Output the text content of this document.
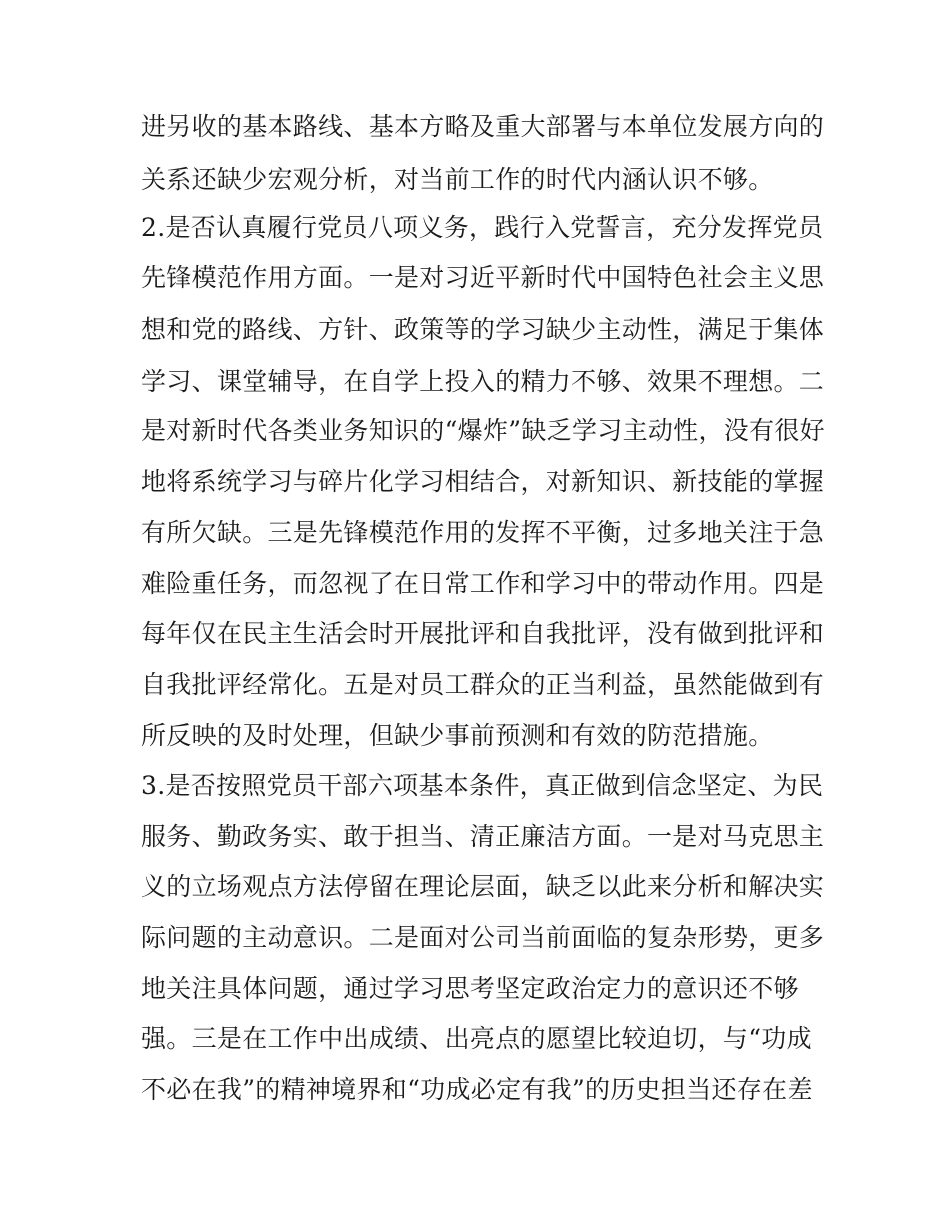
进另收的基本路线、基本方略及重大部署与本单位发展方向的
关系还缺少宏观分析，对当前工作的时代内涵认识不够。
2.是否认真履行党员八项义务，践行入党誓言，充分发挥党员
先锋模范作用方面。一是对习近平新时代中国特色社会主义思
想和党的路线、方针、政策等的学习缺少主动性，满足于集体
学习、课堂辅导，在自学上投入的精力不够、效果不理想。二
是对新时代各类业务知识的“爆炸”缺乏学习主动性，没有很好
地将系统学习与碎片化学习相结合，对新知识、新技能的掌握
有所欠缺。三是先锋模范作用的发挥不平衡，过多地关注于急
难险重任务，而忽视了在日常工作和学习中的带动作用。四是
每年仅在民主生活会时开展批评和自我批评，没有做到批评和
自我批评经常化。五是对员工群众的正当利益，虽然能做到有
所反映的及时处理，但缺少事前预测和有效的防范措施。
3.是否按照党员干部六项基本条件，真正做到信念坚定、为民
服务、勤政务实、敢于担当、清正廉洁方面。一是对马克思主
义的立场观点方法停留在理论层面，缺乏以此来分析和解决实
际问题的主动意识。二是面对公司当前面临的复杂形势，更多
地关注具体问题，通过学习思考坚定政治定力的意识还不够
强。三是在工作中出成绩、出亮点的愿望比较迫切，与“功成
不必在我”的精神境界和“功成必定有我”的历史担当还存在差
